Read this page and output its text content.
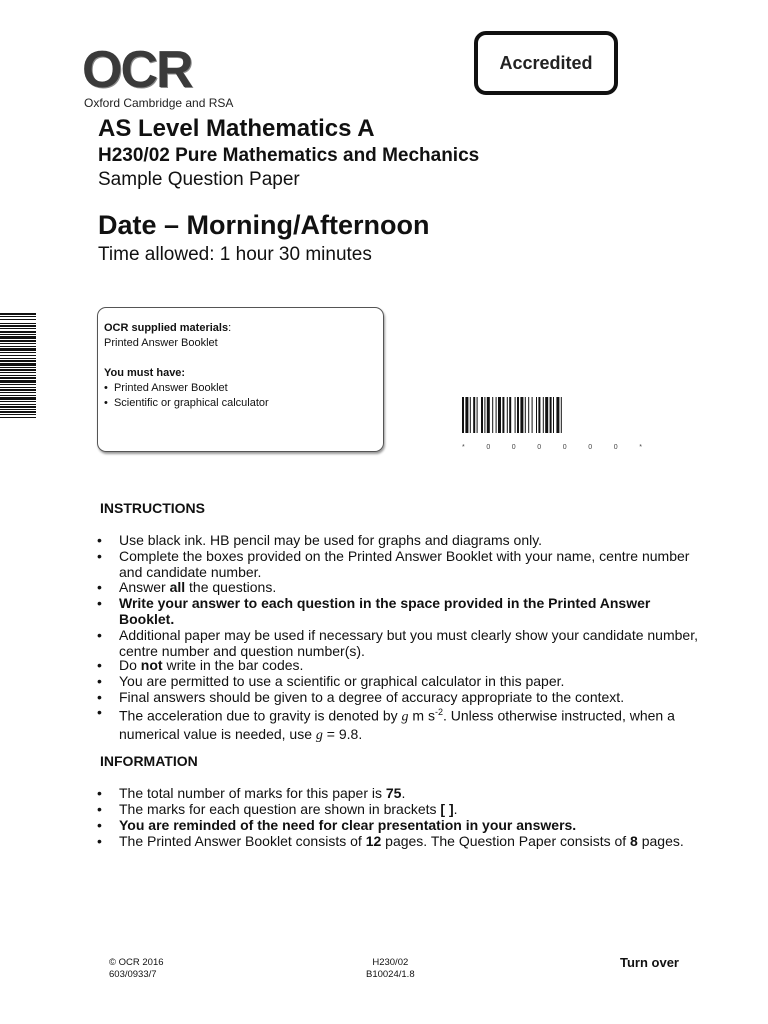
OCR
Oxford Cambridge and RSA
Accredited
AS Level Mathematics A
H230/02 Pure Mathematics and Mechanics
Sample Question Paper
Date – Morning/Afternoon
Time allowed: 1 hour 30 minutes
OCR supplied materials:
Printed Answer Booklet
You must have:
•  Printed Answer Booklet
•  Scientific or graphical calculator
*	0	0	0	0	0	0	*
INSTRUCTIONS
• Use black ink. HB pencil may be used for graphs and diagrams only.
• Complete the boxes provided on the Printed Answer Booklet with your name, centre number and candidate number.
• Answer all the questions.
• Write your answer to each question in the space provided in the Printed Answer Booklet.
• Additional paper may be used if necessary but you must clearly show your candidate number, centre number and question number(s).
• Do not write in the bar codes.
• You are permitted to use a scientific or graphical calculator in this paper.
• Final answers should be given to a degree of accuracy appropriate to the context.
• The acceleration due to gravity is denoted by g m $s^{-2}$. Unless otherwise instructed, when a numerical value is needed, use g = 9.8.
INFORMATION
• The total number of marks for this paper is 75.
• The marks for each question are shown in brackets [ ].
• You are reminded of the need for clear presentation in your answers.
• The Printed Answer Booklet consists of 12 pages. The Question Paper consists of 8 pages.
© OCR 2016
603/0933/7
H230/02
B10024/1.8
Turn over
